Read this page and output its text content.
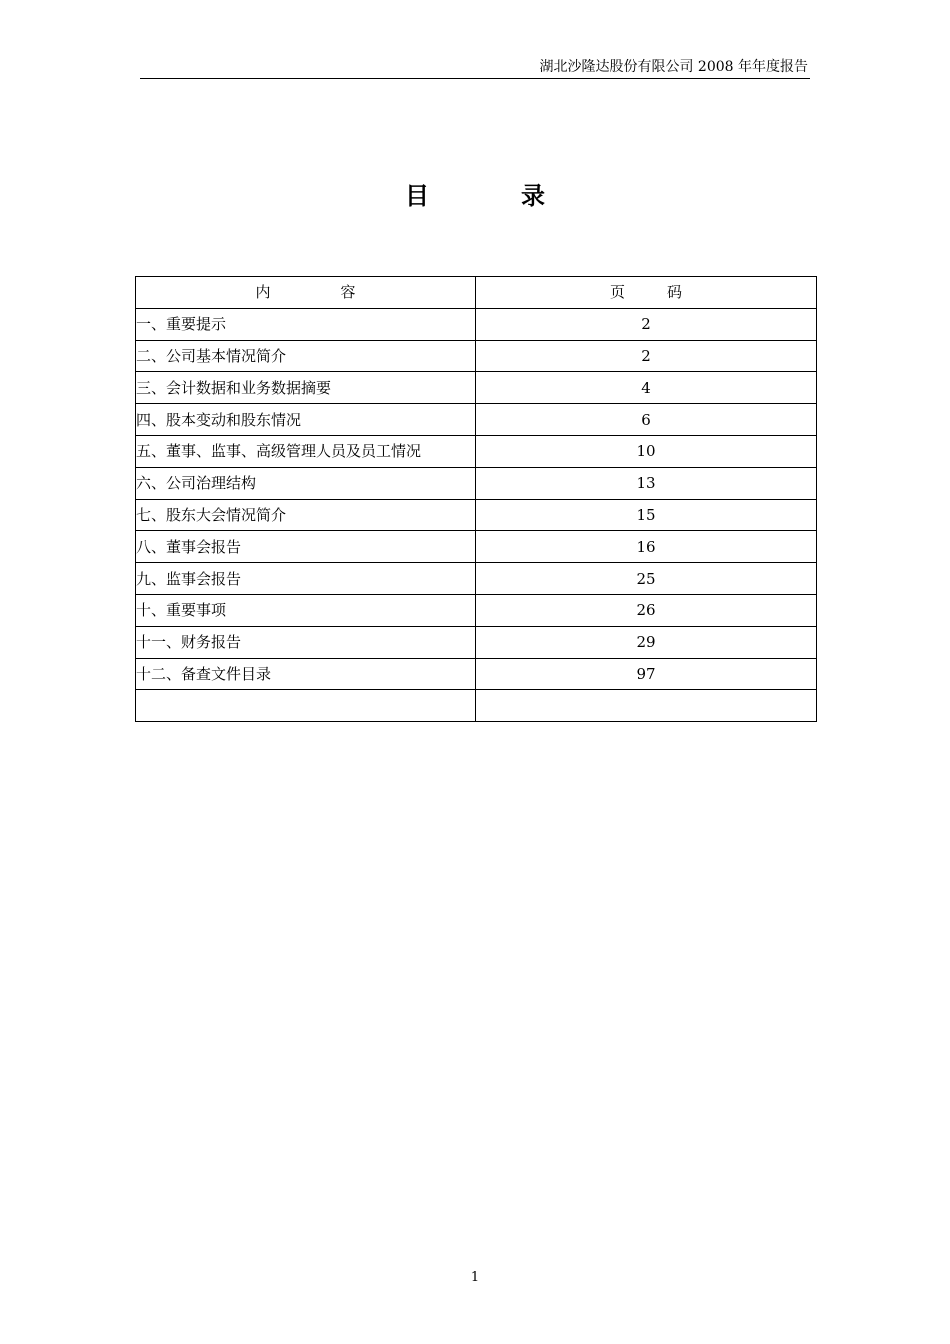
湖北沙隆达股份有限公司 2008 年年度报告
目	录
内 容	页 码
一、重要提示	2
二、公司基本情况简介	2
三、会计数据和业务数据摘要	4
四、股本变动和股东情况	6
五、董事、监事、高级管理人员及员工情况	10
六、公司治理结构	13
七、股东大会情况简介	15
八、董事会报告	16
九、监事会报告	25
十、重要事项	26
十一、财务报告	29
十二、备查文件目录	97

1
